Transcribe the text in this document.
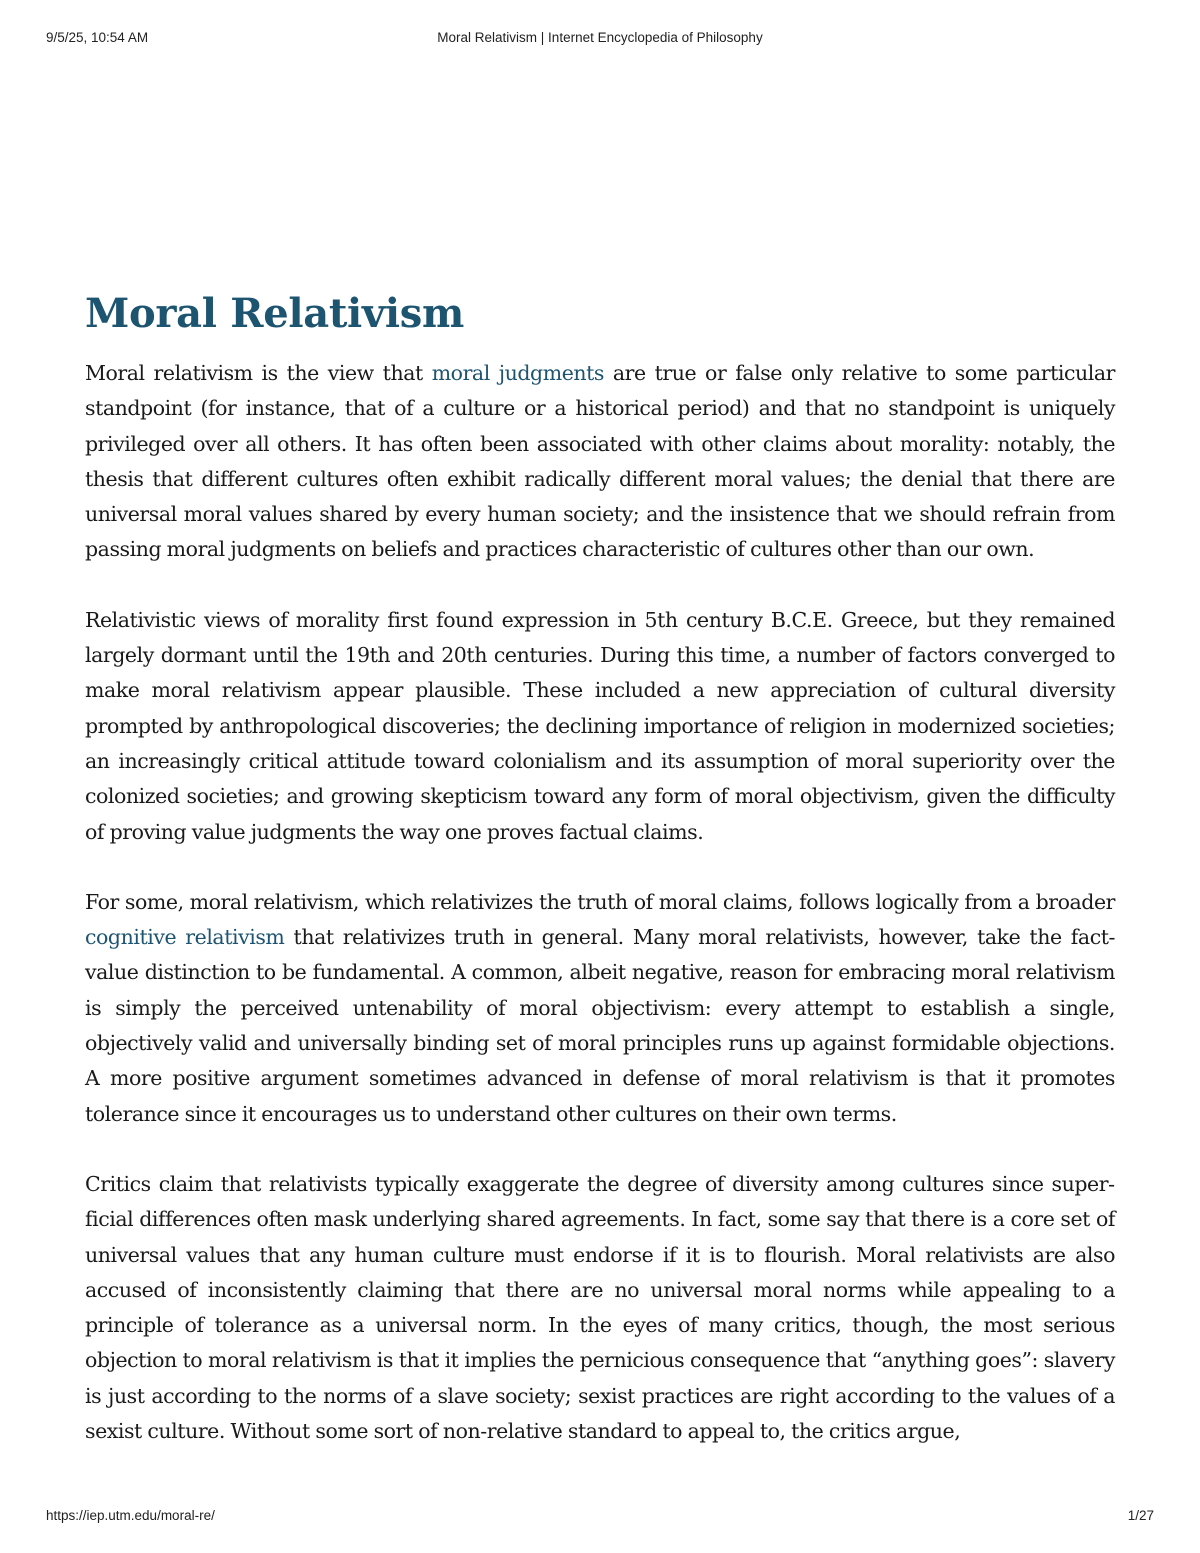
Moral Relativism | Internet Encyclopedia of Philosophy
9/5/25, 10:54 AM
Moral Relativism

Moral relativism is the view that moral judgments are true or false only relative to some particular standpoint (for instance, that of a culture or a historical period) and that no standpoint is uniquely privileged over all others. It has often been associated with other claims about morality: notably, the thesis that different cultures often exhibit radically different moral values; the denial that there are universal moral values shared by every human society; and the insistence that we should refrain from passing moral judgments on beliefs and practices characteristic of cultures other than our own.

Relativistic views of morality first found expression in 5th century B.C.E. Greece, but they remained largely dormant until the 19th and 20th centuries. During this time, a number of factors converged to make moral relativism appear plausible. These included a new appreciation of cultural diversity prompted by anthropological discoveries; the declining importance of religion in modernized societies; an increasingly critical attitude toward colonialism and its assumption of moral superiority over the colonized societies; and growing skepticism toward any form of moral objectivism, given the difficulty of proving value judgments the way one proves factual claims.

For some, moral relativism, which relativizes the truth of moral claims, follows logically from a broader cognitive relativism that relativizes truth in general. Many moral relativists, however, take the fact-value distinction to be fundamental. A common, albeit negative, reason for embracing moral relativism is simply the perceived untenability of moral objectivism: every attempt to establish a single, objectively valid and universally binding set of moral principles runs up against formidable objections. A more positive argument sometimes advanced in defense of moral relativism is that it promotes tolerance since it encourages us to understand other cultures on their own terms.

Critics claim that relativists typically exaggerate the degree of diversity among cultures since superficial differences often mask underlying shared agreements. In fact, some say that there is a core set of universal values that any human culture must endorse if it is to flourish. Moral relativists are also accused of inconsistently claiming that there are no universal moral norms while appealing to a principle of tolerance as a universal norm. In the eyes of many critics, though, the most serious objection to moral relativism is that it implies the pernicious consequence that “anything goes”: slavery is just according to the norms of a slave society; sexist practices are right according to the values of a sexist culture. Without some sort of non-relative standard to appeal to, the critics argue,

https://iep.utm.edu/moral-re/	1/27
